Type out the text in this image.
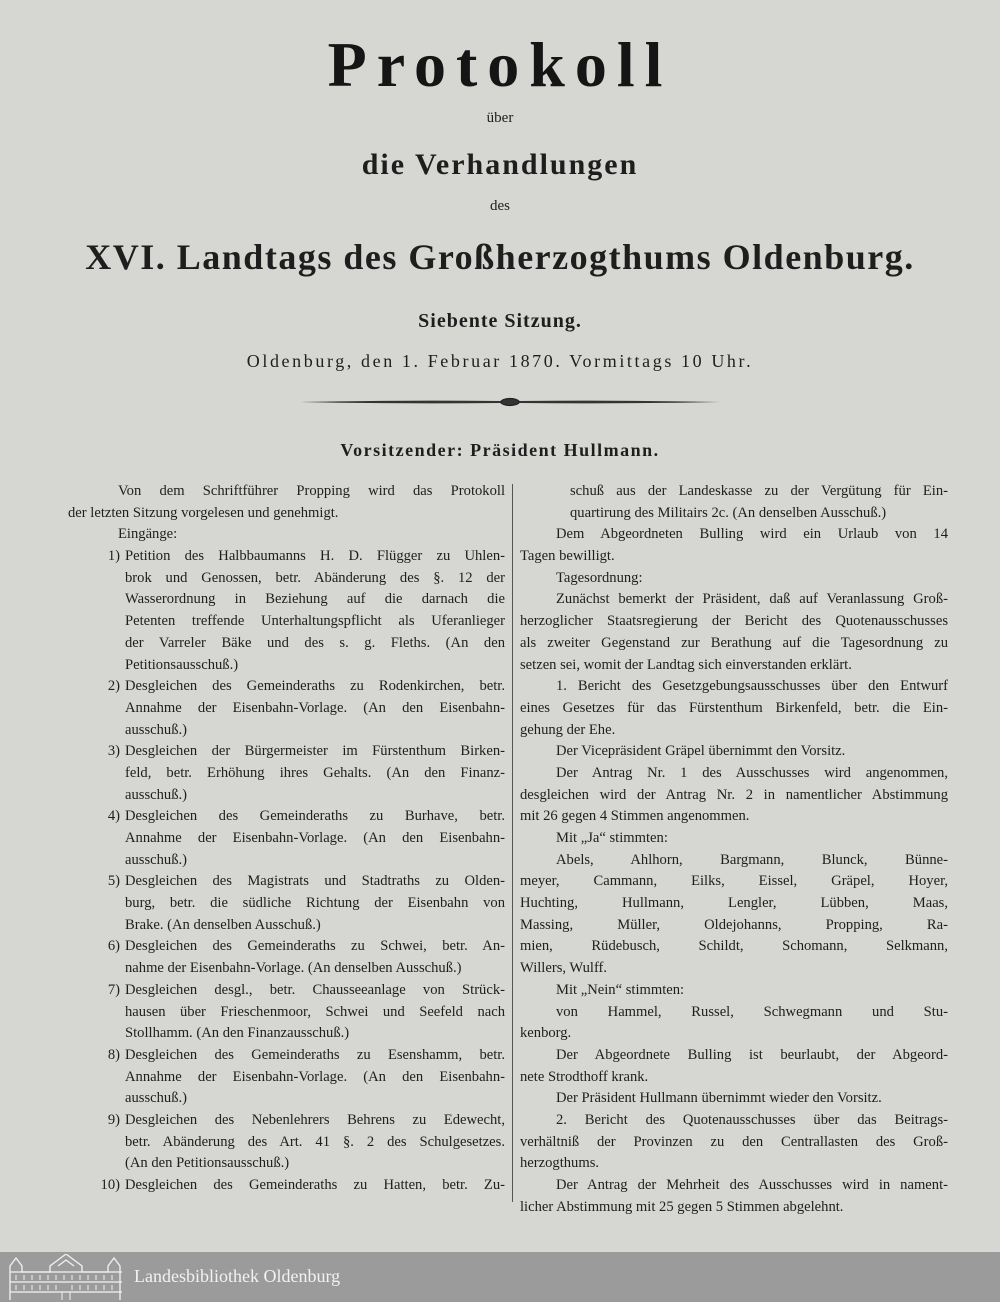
Protokoll
über
die Verhandlungen
des
XVI. Landtags des Großherzogthums Oldenburg.
Siebente Sitzung.
Oldenburg, den 1. Februar 1870. Vormittags 10 Uhr.
Vorsitzender: Präsident Hullmann.
Von dem Schriftführer Propping wird das Protokoll
der letzten Sitzung vorgelesen und genehmigt.
Eingänge:
1) Petition des Halbbaumanns H. D. Flügger zu Uhlen-
brok und Genossen, betr. Abänderung des §. 12 der
Wasserordnung in Beziehung auf die darnach die
Petenten treffende Unterhaltungspflicht als Uferanlieger
der Varreler Bäke und des s. g. Fleths. (An den
Petitionsausschuß.)
2) Desgleichen des Gemeinderaths zu Rodenkirchen, betr.
Annahme der Eisenbahn-Vorlage. (An den Eisenbahn-
ausschuß.)
3) Desgleichen der Bürgermeister im Fürstenthum Birken-
feld, betr. Erhöhung ihres Gehalts. (An den Finanz-
ausschuß.)
4) Desgleichen des Gemeinderaths zu Burhave, betr.
Annahme der Eisenbahn-Vorlage. (An den Eisenbahn-
ausschuß.)
5) Desgleichen des Magistrats und Stadtraths zu Olden-
burg, betr. die südliche Richtung der Eisenbahn von
Brake. (An denselben Ausschuß.)
6) Desgleichen des Gemeinderaths zu Schwei, betr. An-
nahme der Eisenbahn-Vorlage. (An denselben Ausschuß.)
7) Desgleichen desgl., betr. Chausseeanlage von Strück-
hausen über Frieschenmoor, Schwei und Seefeld nach
Stollhamm. (An den Finanzausschuß.)
8) Desgleichen des Gemeinderaths zu Esenshamm, betr.
Annahme der Eisenbahn-Vorlage. (An den Eisenbahn-
ausschuß.)
9) Desgleichen des Nebenlehrers Behrens zu Edewecht,
betr. Abänderung des Art. 41 §. 2 des Schulgesetzes.
(An den Petitionsausschuß.)
10) Desgleichen des Gemeinderaths zu Hatten, betr. Zu-
schuß aus der Landeskasse zu der Vergütung für Ein-
quartirung des Militairs 2c. (An denselben Ausschuß.)
Dem Abgeordneten Bulling wird ein Urlaub von 14
Tagen bewilligt.
Tagesordnung:
Zunächst bemerkt der Präsident, daß auf Veranlassung Groß-
herzoglicher Staatsregierung der Bericht des Quotenausschusses
als zweiter Gegenstand zur Berathung auf die Tagesordnung zu
setzen sei, womit der Landtag sich einverstanden erklärt.
1. Bericht des Gesetzgebungsausschusses über den Entwurf
eines Gesetzes für das Fürstenthum Birkenfeld, betr. die Ein-
gehung der Ehe.
Der Vicepräsident Gräpel übernimmt den Vorsitz.
Der Antrag Nr. 1 des Ausschusses wird angenommen,
desgleichen wird der Antrag Nr. 2 in namentlicher Abstimmung
mit 26 gegen 4 Stimmen angenommen.
Mit „Ja“ stimmten:
Abels, Ahlhorn, Bargmann, Blunck, Bünne-
meyer, Cammann, Eilks, Eissel, Gräpel, Hoyer,
Huchting, Hullmann, Lengler, Lübben, Maas,
Massing, Müller, Oldejohanns, Propping, Ra-
mien, Rüdebusch, Schildt, Schomann, Selkmann,
Willers, Wulff.
Mit „Nein“ stimmten:
von Hammel, Russel, Schwegmann und Stu-
kenborg.
Der Abgeordnete Bulling ist beurlaubt, der Abgeord-
nete Strodthoff krank.
Der Präsident Hullmann übernimmt wieder den Vorsitz.
2. Bericht des Quotenausschusses über das Beitrags-
verhältniß der Provinzen zu den Centrallasten des Groß-
herzogthums.
Der Antrag der Mehrheit des Ausschusses wird in nament-
licher Abstimmung mit 25 gegen 5 Stimmen abgelehnt.
Landesbibliothek Oldenburg
